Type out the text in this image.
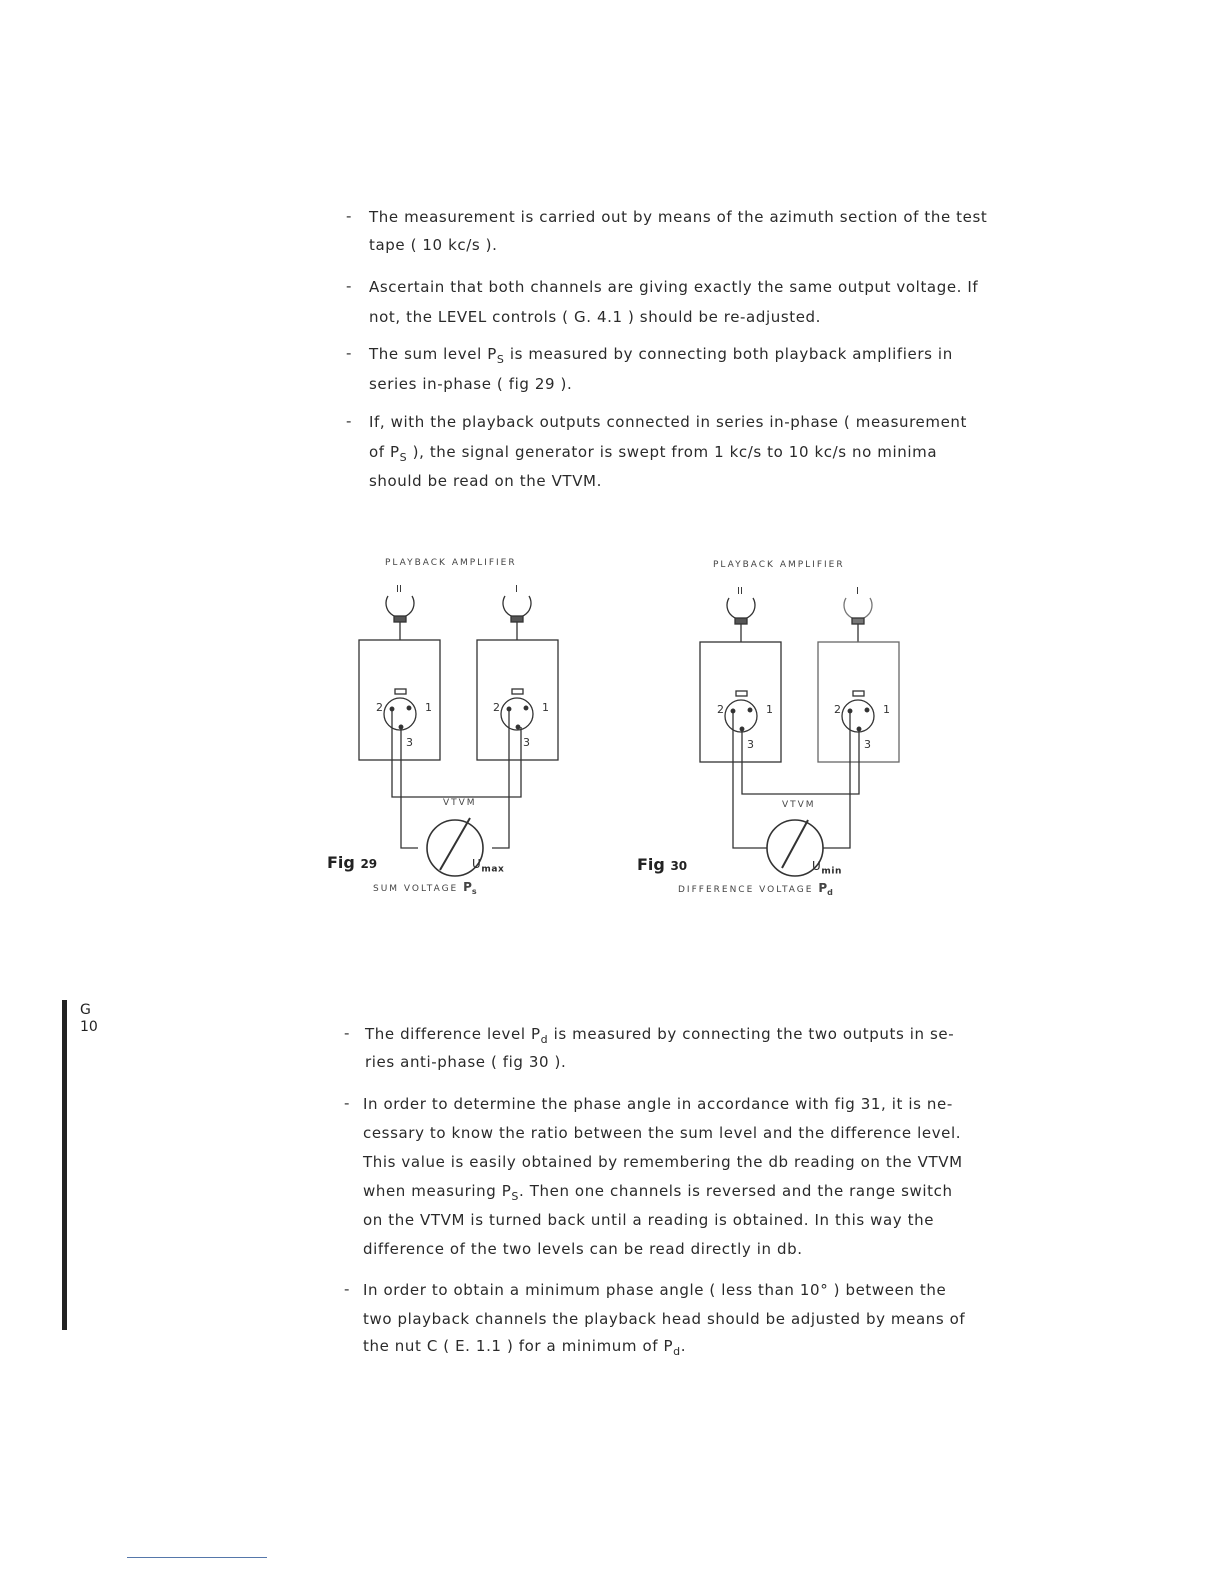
- The measurement is carried out by means of the azimuth section of the test
tape ( 10 kc/s ).
- Ascertain that both channels are giving exactly the same output voltage. If
not, the LEVEL controls ( G. 4.1 ) should be re-adjusted.
- The sum level $P_S$ is measured by connecting both playback amplifiers in
series in-phase ( fig 29 ).
- If, with the playback outputs connected in series in-phase ( measurement
of $P_S$ ), the signal generator is swept from 1 kc/s to 10 kc/s no minima
should be read on the VTVM.
2	1
3
2	1
3
2	1
3
2	1
3
II	I	II	I
PLAYBACK AMPLIFIER	PLAYBACK AMPLIFIER
VTVM	VTVM
Fig 29	Fig 30
$U_{max}$	$U_{min}$
SUM VOLTAGE $P_s$	DIFFERENCE VOLTAGE $P_d$
G
10	- The difference level $P_d$ is measured by connecting the two outputs in se-
ries anti-phase ( fig 30 ).
- In order to determine the phase angle in accordance with fig 31, it is ne-
cessary to know the ratio between the sum level and the difference level.
This value is easily obtained by remembering the db reading on the VTVM
when measuring $P_S$. Then one channels is reversed and the range switch
on the VTVM is turned back until a reading is obtained. In this way the
difference of the two levels can be read directly in db.
- In order to obtain a minimum phase angle ( less than 10° ) between the
two playback channels the playback head should be adjusted by means of
the nut C ( E. 1.1 ) for a minimum of $P_d$.
